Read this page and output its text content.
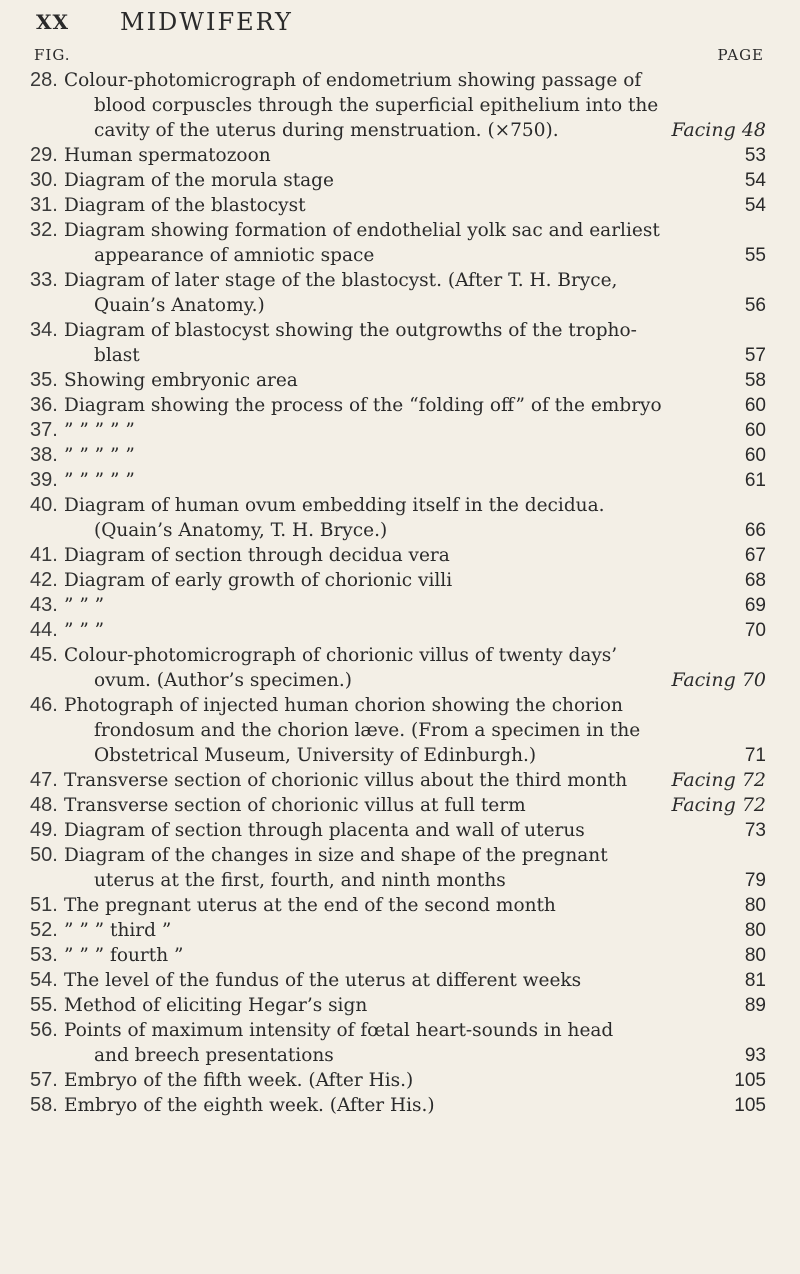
XX MIDWIFERY
FIG.	PAGE
28. Colour-photomicrograph of endometrium showing passage of
blood corpuscles through the superficial epithelium into the
cavity of the uterus during menstruation. (×750).	Facing 48
29. Human spermatozoon	53
30. Diagram of the morula stage	54
31. Diagram of the blastocyst	54
32. Diagram showing formation of endothelial yolk sac and earliest
appearance of amniotic space	55
33. Diagram of later stage of the blastocyst. (After T. H. Bryce,
Quain’s Anatomy.)	56
34. Diagram of blastocyst showing the outgrowths of the tropho-
blast	57
35. Showing embryonic area	58
36. Diagram showing the process of the “folding off” of the embryo	60
37. ” ” ” ” ”	60
38. ” ” ” ” ”	60
39. ” ” ” ” ”	61
40. Diagram of human ovum embedding itself in the decidua.
(Quain’s Anatomy, T. H. Bryce.)	66
41. Diagram of section through decidua vera	67
42. Diagram of early growth of chorionic villi	68
43. ” ” ”	69
44. ” ” ”	70
45. Colour-photomicrograph of chorionic villus of twenty days’
ovum. (Author’s specimen.)	Facing 70
46. Photograph of injected human chorion showing the chorion
frondosum and the chorion læve. (From a specimen in the
Obstetrical Museum, University of Edinburgh.)	71
47. Transverse section of chorionic villus about the third month Facing 72
48. Transverse section of chorionic villus at full term	Facing 72
49. Diagram of section through placenta and wall of uterus	73
50. Diagram of the changes in size and shape of the pregnant
uterus at the first, fourth, and ninth months	79
51. The pregnant uterus at the end of the second month	80
52. ” ” ” third ”	80
53. ” ” ” fourth ”	80
54. The level of the fundus of the uterus at different weeks	81
55. Method of eliciting Hegar’s sign	89
56. Points of maximum intensity of fœtal heart-sounds in head
and breech presentations	93
57. Embryo of the fifth week. (After His.)	105
58. Embryo of the eighth week. (After His.)	105
